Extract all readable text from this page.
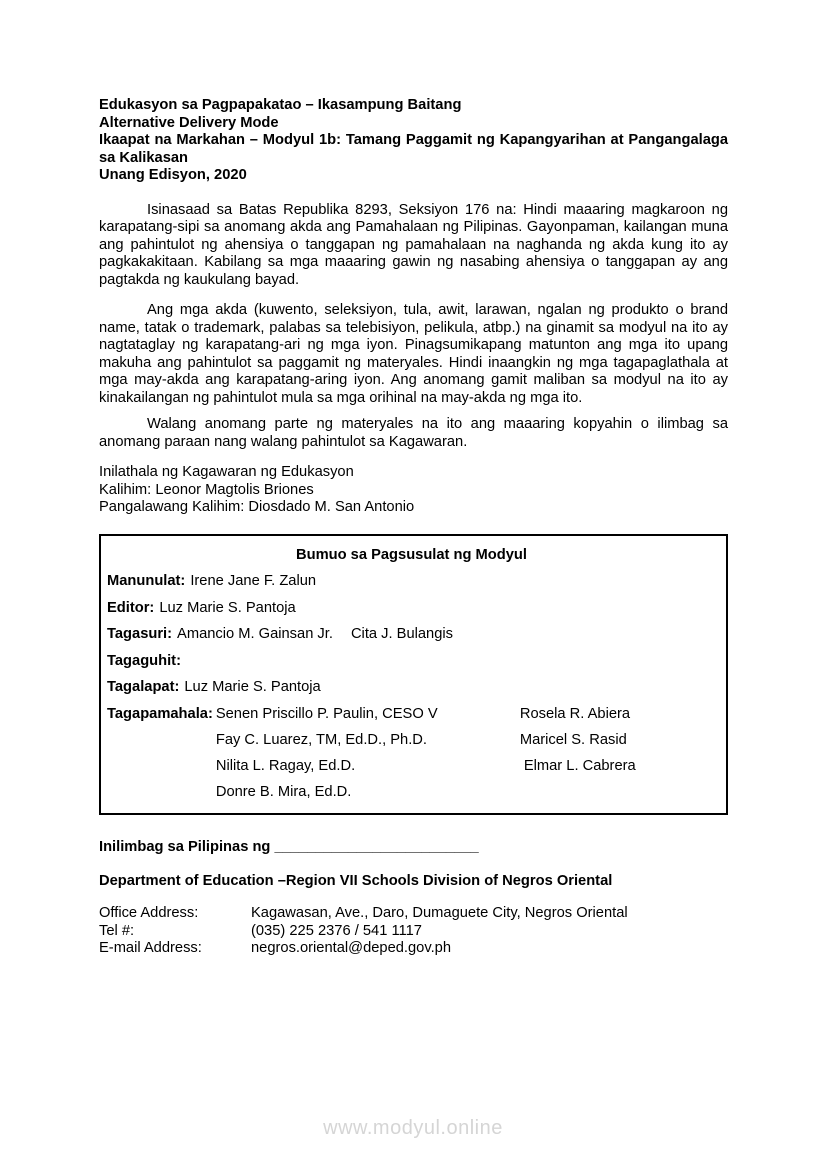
Edukasyon sa Pagpapakatao – Ikasampung Baitang
Alternative Delivery Mode
Ikaapat na Markahan – Modyul 1b: Tamang Paggamit ng Kapangyarihan at Pangangalaga sa Kalikasan
Unang Edisyon, 2020

Isinasaad sa Batas Republika 8293, Seksiyon 176 na: Hindi maaaring magkaroon ng karapatang-sipi sa anomang akda ang Pamahalaan ng Pilipinas. Gayonpaman, kailangan muna ang pahintulot ng ahensiya o tanggapan ng pamahalaan na naghanda ng akda kung ito ay pagkakakitaan. Kabilang sa mga maaaring gawin ng nasabing ahensiya o tanggapan ay ang pagtakda ng kaukulang bayad.

Ang mga akda (kuwento, seleksiyon, tula, awit, larawan, ngalan ng produkto o brand name, tatak o trademark, palabas sa telebisiyon, pelikula, atbp.) na ginamit sa modyul na ito ay nagtataglay ng karapatang-ari ng mga iyon. Pinagsumikapang matunton ang mga ito upang makuha ang pahintulot sa paggamit ng materyales. Hindi inaangkin ng mga tagapaglathala at mga may-akda ang karapatang-aring iyon. Ang anomang gamit maliban sa modyul na ito ay kinakailangan ng pahintulot mula sa mga orihinal na may-akda ng mga ito.

Walang anomang parte ng materyales na ito ang maaaring kopyahin o ilimbag sa anomang paraan nang walang pahintulot sa Kagawaran.

Inilathala ng Kagawaran ng Edukasyon
Kalihim: Leonor Magtolis Briones
Pangalawang Kalihim: Diosdado M. San Antonio
Bumuo sa Pagsusulat ng Modyul
Manunulat: Irene Jane F. Zalun
Editor: Luz Marie S. Pantoja
Tagasuri: Amancio M. Gainsan Jr. Cita J. Bulangis
Tagaguhit:
Tagalapat: Luz Marie S. Pantoja
Tagapamahala: Senen Priscillo P. Paulin, CESO V	Rosela R. Abiera
Fay C. Luarez, TM, Ed.D., Ph.D.	Maricel S. Rasid
Nilita L. Ragay, Ed.D.	Elmar L. Cabrera
Donre B. Mira, Ed.D.

Inilimbag sa Pilipinas ng _________________________

Department of Education –Region VII Schools Division of Negros Oriental

Office Address:	Kagawasan, Ave., Daro, Dumaguete City, Negros Oriental
Tel #:	(035) 225 2376 / 541 1117
E-mail Address:	negros.oriental@deped.gov.ph
www.modyul.online
